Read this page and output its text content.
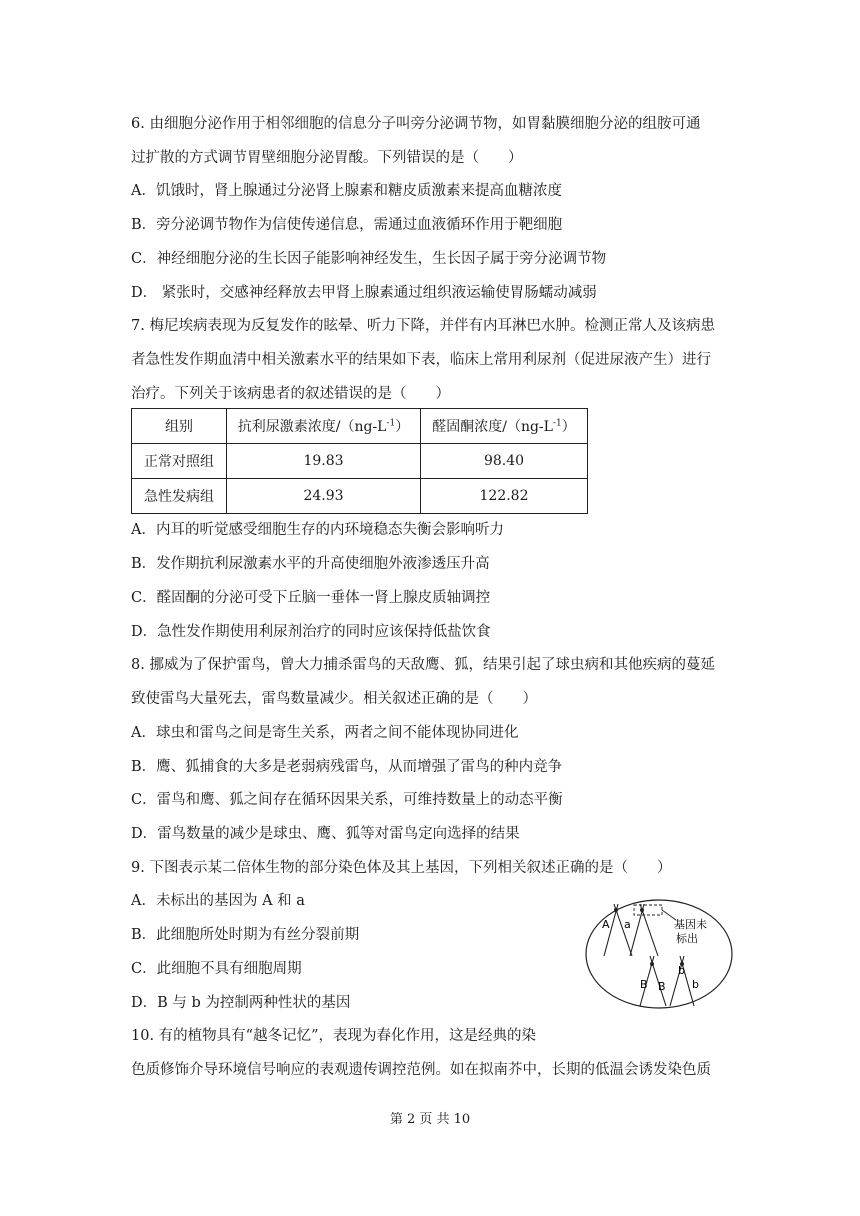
6. 由细胞分泌作用于相邻细胞的信息分子叫旁分泌调节物，如胃黏膜细胞分泌的组胺可通
过扩散的方式调节胃壁细胞分泌胃酸。下列错误的是（　　）
A．饥饿时，肾上腺通过分泌肾上腺素和糖皮质激素来提高血糖浓度
B．旁分泌调节物作为信使传递信息，需通过血液循环作用于靶细胞
C．神经细胞分泌的生长因子能影响神经发生，生长因子属于旁分泌调节物
D． 紧张时，交感神经释放去甲肾上腺素通过组织液运输使胃肠蠕动减弱
7. 梅尼埃病表现为反复发作的眩晕、听力下降，并伴有内耳淋巴水肿。检测正常人及该病患
者急性发作期血清中相关激素水平的结果如下表，临床上常用利尿剂（促进尿液产生）进行
治疗。下列关于该病患者的叙述错误的是（　　）
组别	抗利尿激素浓度$/(ng-L^{-1})$	醛固酮浓度$/(ng-L^{-1})$
正常对照组	19.83	98.40
急性发病组	24.93	122.82
A．内耳的听觉感受细胞生存的内环境稳态失衡会影响听力
B．发作期抗利尿激素水平的升高使细胞外液渗透压升高
C．醛固酮的分泌可受下丘脑一垂体一肾上腺皮质轴调控
D．急性发作期使用利尿剂治疗的同时应该保持低盐饮食
8. 挪威为了保护雷鸟，曾大力捕杀雷鸟的天敌鹰、狐，结果引起了球虫病和其他疾病的蔓延
致使雷鸟大量死去，雷鸟数量减少。相关叙述正确的是（　　）
A．球虫和雷鸟之间是寄生关系，两者之间不能体现协同进化
B．鹰、狐捕食的大多是老弱病残雷鸟，从而增强了雷鸟的种内竞争
C．雷鸟和鹰、狐之间存在循环因果关系，可维持数量上的动态平衡
D．雷鸟数量的减少是球虫、鹰、狐等对雷鸟定向选择的结果
9. 下图表示某二倍体生物的部分染色体及其上基因，下列相关叙述正确的是（　　）
A．未标出的基因为 A 和 a
B．此细胞所处时期为有丝分裂前期
C．此细胞不具有细胞周期
D．B 与 b 为控制两种性状的基因
A a	基因未
标出
B B
b
b
10. 有的植物具有“越冬记忆”，表现为春化作用，这是经典的染
色质修饰介导环境信号响应的表观遗传调控范例。如在拟南芥中，长期的低温会诱发染色质
第 2 页 共 10
